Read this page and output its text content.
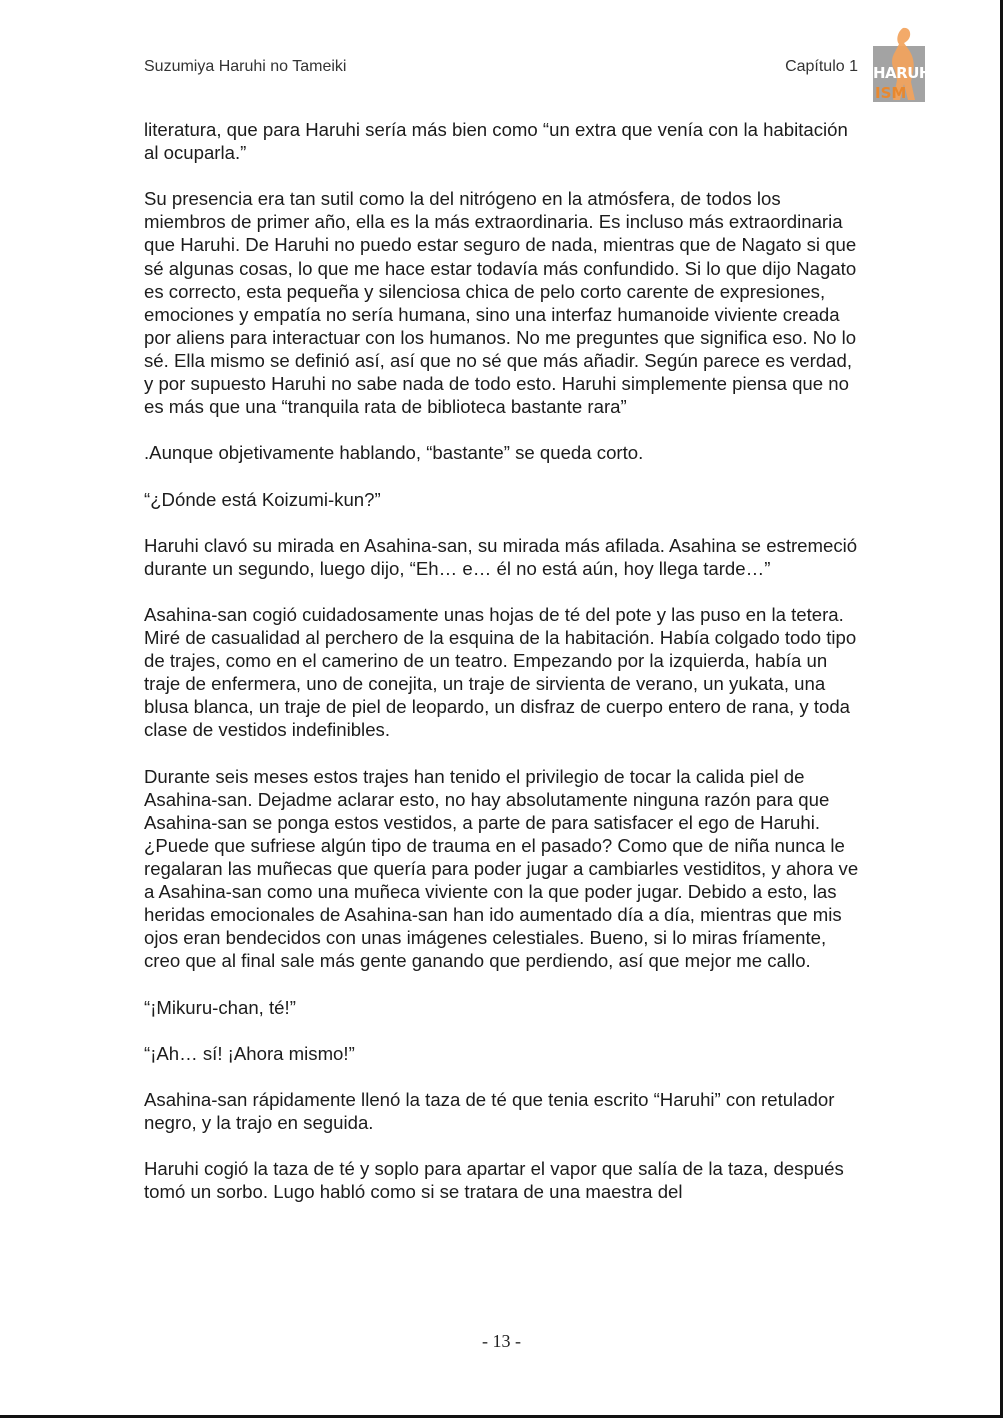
Suzumiya Haruhi no Tameiki	Capítulo 1 HARUHI
ISM

literatura, que para Haruhi sería más bien como “un extra que venía con la habitación al ocuparla.”

Su presencia era tan sutil como la del nitrógeno en la atmósfera, de todos los miembros de primer año, ella es la más extraordinaria. Es incluso más extraordinaria que Haruhi. De Haruhi no puedo estar seguro de nada, mientras que de Nagato si que sé algunas cosas, lo que me hace estar todavía más confundido. Si lo que dijo Nagato es correcto, esta pequeña y silenciosa chica de pelo corto carente de expresiones, emociones y empatía no sería humana, sino una interfaz humanoide viviente creada por aliens para interactuar con los humanos. No me preguntes que significa eso. No lo sé. Ella mismo se definió así, así que no sé que más añadir. Según parece es verdad, y por supuesto Haruhi no sabe nada de todo esto. Haruhi simplemente piensa que no es más que una “tranquila rata de biblioteca bastante rara”

.Aunque objetivamente hablando, “bastante” se queda corto.

“¿Dónde está Koizumi-kun?”

Haruhi clavó su mirada en Asahina-san, su mirada más afilada. Asahina se estremeció durante un segundo, luego dijo, “Eh… e… él no está aún, hoy llega tarde…”

Asahina-san cogió cuidadosamente unas hojas de té del pote y las puso en la tetera. Miré de casualidad al perchero de la esquina de la habitación. Había colgado todo tipo de trajes, como en el camerino de un teatro. Empezando por la izquierda, había un traje de enfermera, uno de conejita, un traje de sirvienta de verano, un yukata, una blusa blanca, un traje de piel de leopardo, un disfraz de cuerpo entero de rana, y toda clase de vestidos indefinibles.

Durante seis meses estos trajes han tenido el privilegio de tocar la calida piel de Asahina-san. Dejadme aclarar esto, no hay absolutamente ninguna razón para que Asahina-san se ponga estos vestidos, a parte de para satisfacer el ego de Haruhi. ¿Puede que sufriese algún tipo de trauma en el pasado? Como que de niña nunca le regalaran las muñecas que quería para poder jugar a cambiarles vestiditos, y ahora ve a Asahina-san como una muñeca viviente con la que poder jugar. Debido a esto, las heridas emocionales de Asahina-san han ido aumentado día a día, mientras que mis ojos eran bendecidos con unas imágenes celestiales. Bueno, si lo miras fríamente, creo que al final sale más gente ganando que perdiendo, así que mejor me callo.

“¡Mikuru-chan, té!”

“¡Ah… sí! ¡Ahora mismo!”

Asahina-san rápidamente llenó la taza de té que tenia escrito “Haruhi” con retulador negro, y la trajo en seguida.

Haruhi cogió la taza de té y soplo para apartar el vapor que salía de la taza, después tomó un sorbo. Lugo habló como si se tratara de una maestra del

- 13 -
